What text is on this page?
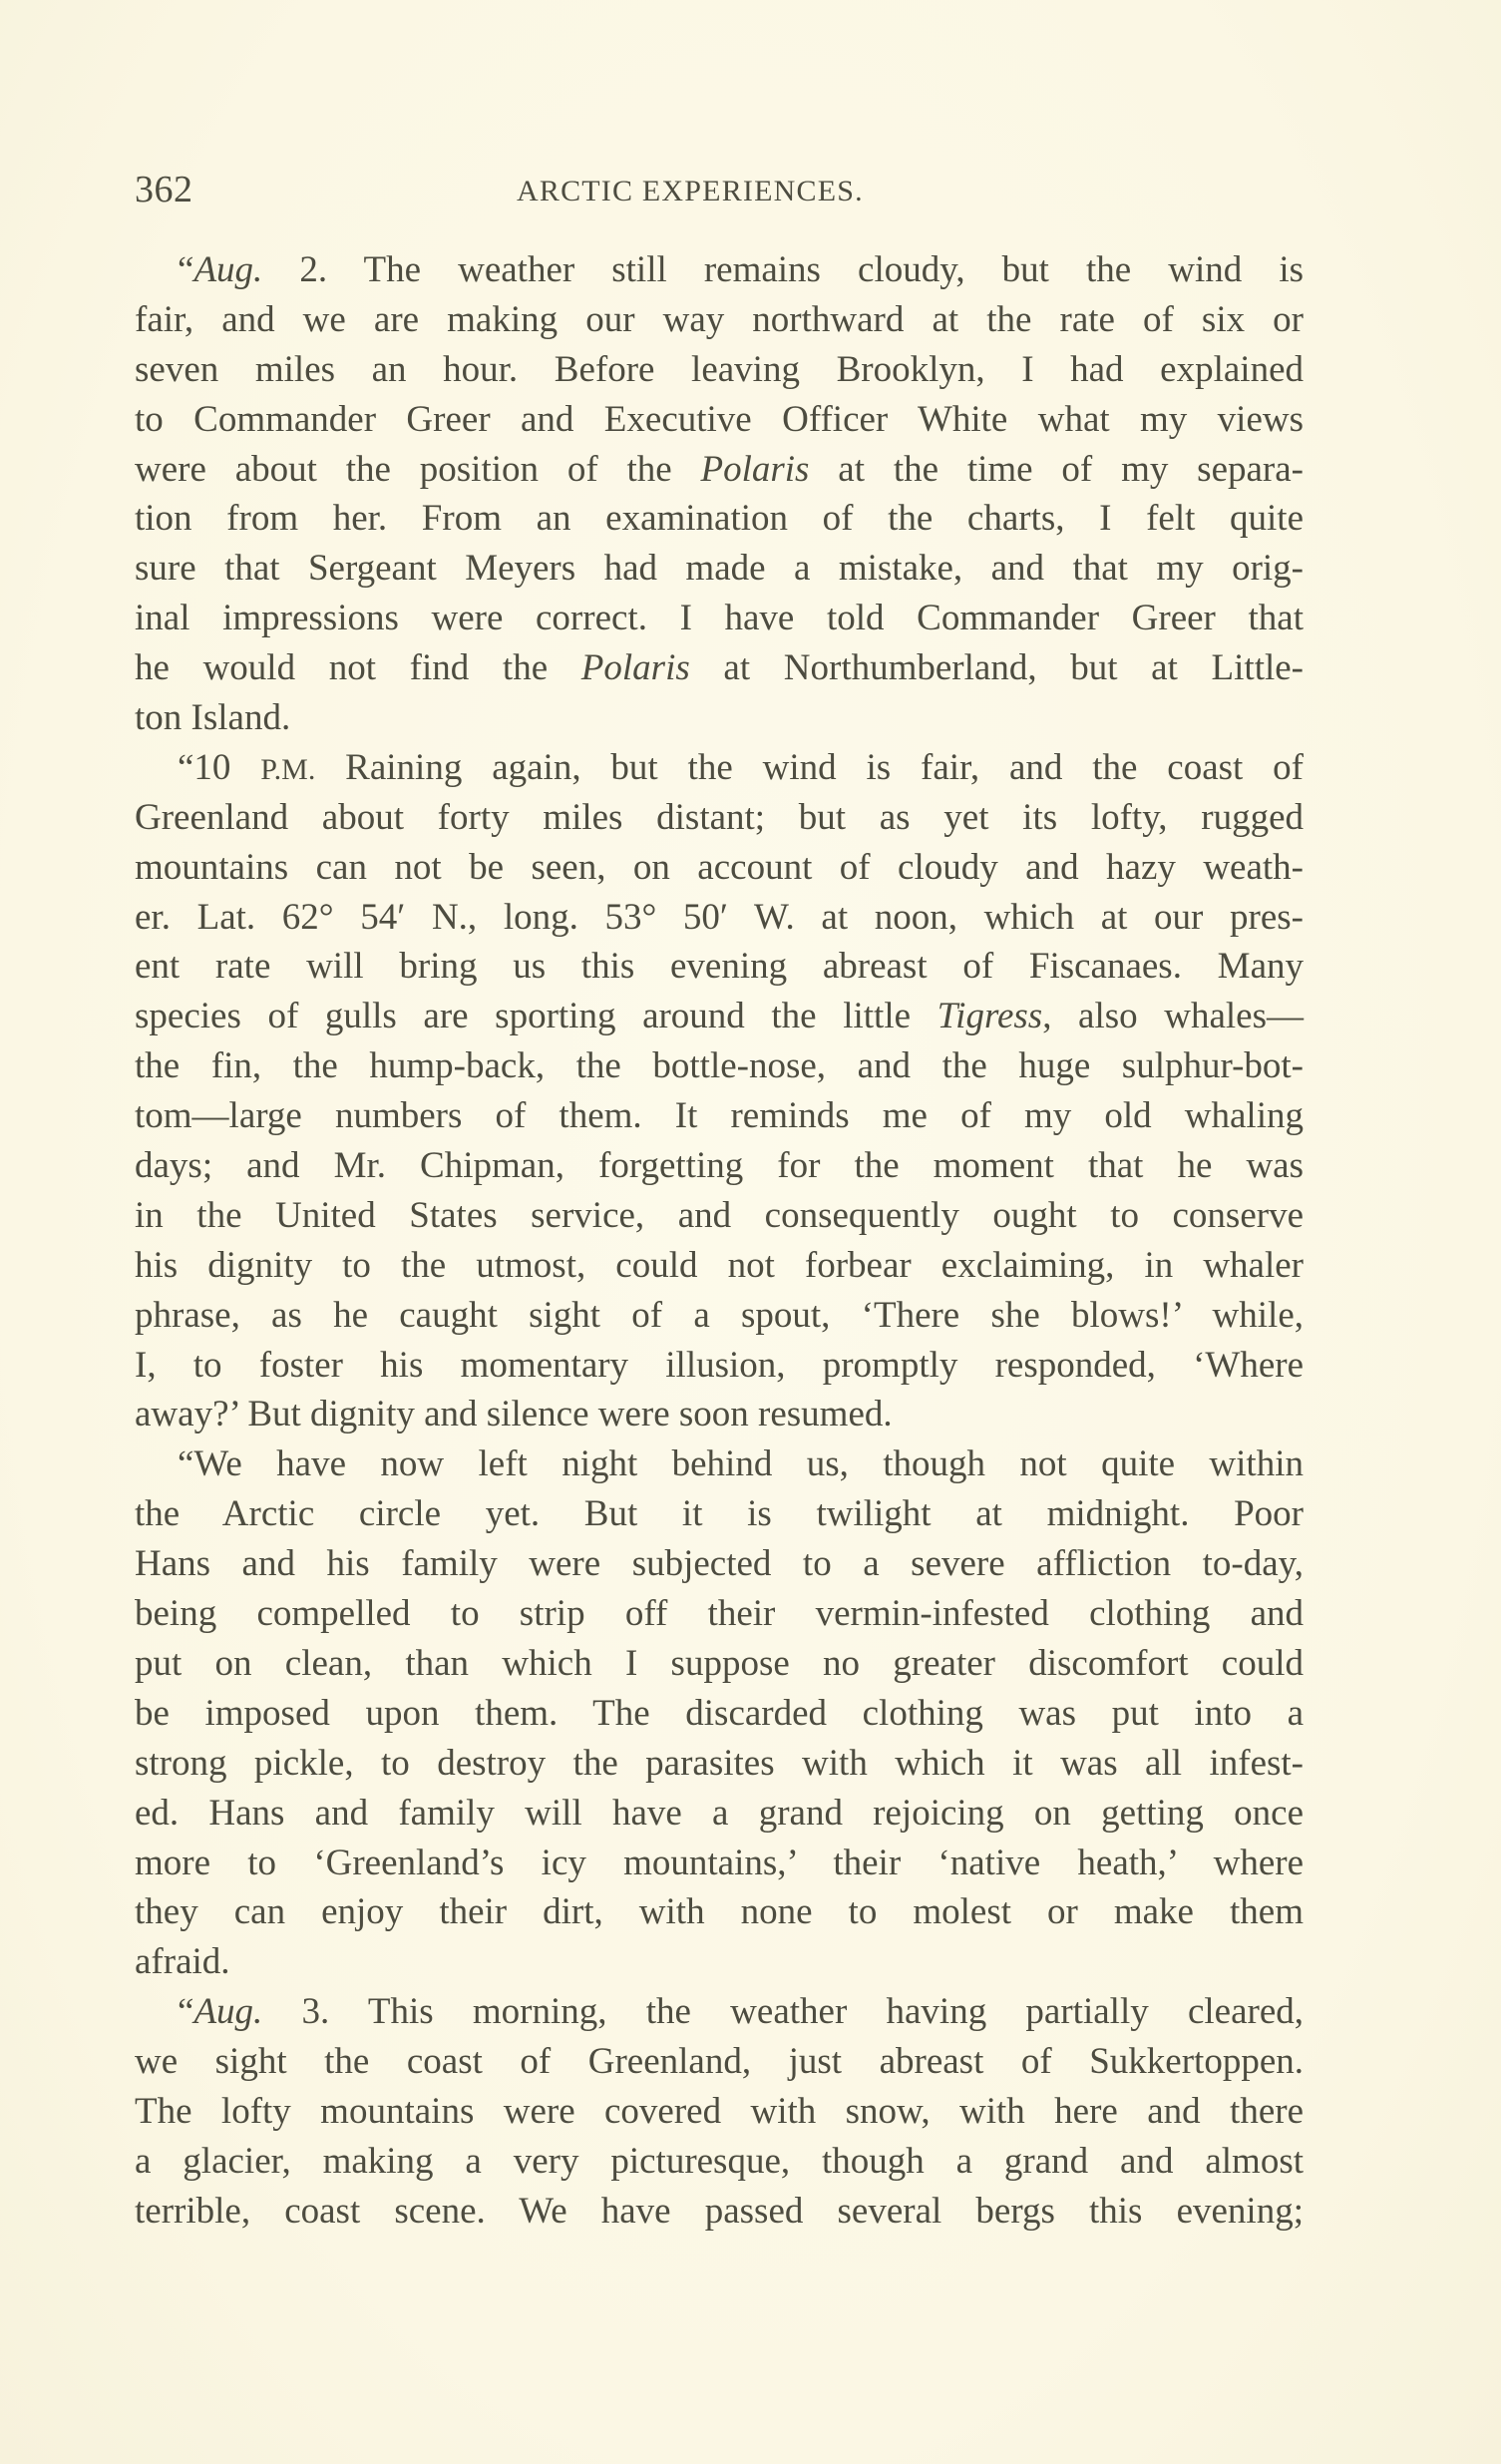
362	ARCTIC EXPERIENCES.
“Aug. 2. The weather still remains cloudy, but the wind is
fair, and we are making our way northward at the rate of six or
seven miles an hour. Before leaving Brooklyn, I had explained
to Commander Greer and Executive Officer White what my views
were about the position of the Polaris at the time of my separa-
tion from her. From an examination of the charts, I felt quite
sure that Sergeant Meyers had made a mistake, and that my orig-
inal impressions were correct. I have told Commander Greer that
he would not find the Polaris at Northumberland, but at Little-
ton Island.
“10 P.M. Raining again, but the wind is fair, and the coast of
Greenland about forty miles distant; but as yet its lofty, rugged
mountains can not be seen, on account of cloudy and hazy weath-
er. Lat. 62° 54′ N., long. 53° 50′ W. at noon, which at our pres-
ent rate will bring us this evening abreast of Fiscanaes. Many
species of gulls are sporting around the little Tigress, also whales—
the fin, the hump-back, the bottle-nose, and the huge sulphur-bot-
tom—large numbers of them. It reminds me of my old whaling
days; and Mr. Chipman, forgetting for the moment that he was
in the United States service, and consequently ought to conserve
his dignity to the utmost, could not forbear exclaiming, in whaler
phrase, as he caught sight of a spout, ‘There she blows!’ while,
I, to foster his momentary illusion, promptly responded, ‘Where
away?’ But dignity and silence were soon resumed.
“We have now left night behind us, though not quite within
the Arctic circle yet. But it is twilight at midnight. Poor
Hans and his family were subjected to a severe affliction to-day,
being compelled to strip off their vermin-infested clothing and
put on clean, than which I suppose no greater discomfort could
be imposed upon them. The discarded clothing was put into a
strong pickle, to destroy the parasites with which it was all infest-
ed. Hans and family will have a grand rejoicing on getting once
more to ‘Greenland’s icy mountains,’ their ‘native heath,’ where
they can enjoy their dirt, with none to molest or make them
afraid.
“Aug. 3. This morning, the weather having partially cleared,
we sight the coast of Greenland, just abreast of Sukkertoppen.
The lofty mountains were covered with snow, with here and there
a glacier, making a very picturesque, though a grand and almost
terrible, coast scene. We have passed several bergs this evening;
